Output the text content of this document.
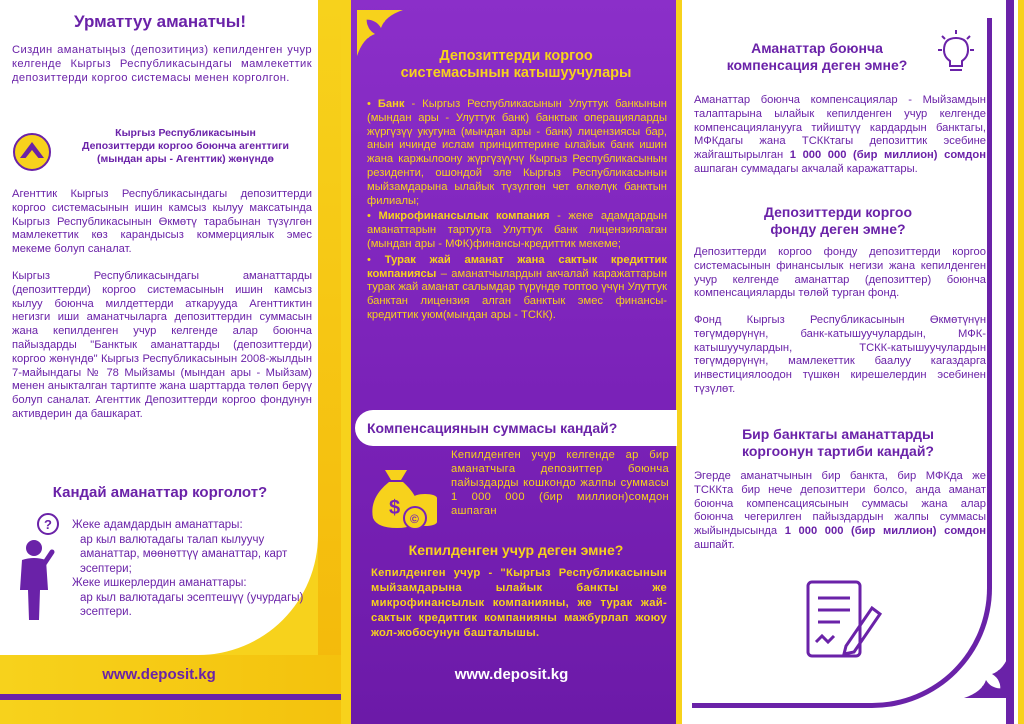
Урматтуу аманатчы!
Сиздин аманатыңыз (депозитиңиз) кепилденген учур келгенде Кыргыз Республикасындагы мамлекеттик депозиттерди коргоо системасы менен корголгон.
Кыргыз Республикасынын
Депозиттерди коргоо боюнча агенттиги
(мындан ары - Агенттик) жөнүндө
Агенттик Кыргыз Республикасындагы депозиттерди коргоо системасынын ишин камсыз кылуу максатында Кыргыз Республикасынын Өкмөтү тарабынан түзүлгөн мамлекеттик көз карандысыз коммерциялык эмес мекеме болуп саналат.
Кыргыз Республикасындагы аманаттарды (депозиттерди) коргоо системасынын ишин камсыз кылуу боюнча милдеттерди аткарууда Агенттиктин негизги иши аманатчыларга депозиттердин суммасын жана кепилденген учур келгенде алар боюнча пайыздарды "Банктык аманаттарды (депозиттерди) коргоо жөнүндө" Кыргыз Республикасынын 2008-жылдын 7-майындагы № 78 Мыйзамы (мындан ары - Мыйзам) менен аныкталган тартипте жана шарттарда төлөп берүү болуп саналат. Агенттик Депозиттерди коргоо фондунун активдерин да башкарат.
Кандай аманаттар корголот?
? Жеке адамдардын аманаттары:
ар кыл валютадагы талап кылуучу аманаттар, мөөнөттүү аманаттар, карт эсептери;
Жеке ишкерлердин аманаттары:
ар кыл валютадагы эсептешүү (учурдагы) эсептери.
www.deposit.kg
Депозиттерди коргоо
системасынын катышуучулары
• Банк - Кыргыз Республикасынын Улуттук банкынын (мындан ары - Улуттук банк) банктык операцияларды жүргүзүү укугуна (мындан ары - банк) лицензиясы бар, анын ичинде ислам принциптерине ылайык банк ишин жана каржылоону жүргүзүүчү Кыргыз Республикасынын резиденти, ошондой эле Кыргыз Республикасынын мыйзамдарына ылайык түзүлгөн чет өлкөлүк банктын филиалы;
• Микрофинансылык компания - жеке адамдардын аманаттарын тартууга Улуттук банк лицензиялаган (мындан ары - МФК)финансы-кредиттик мекеме;
• Турак жай аманат жана сактык кредиттик компаниясы – аманатчылардын акчалай каражаттарын турак жай аманат салымдар түрүндө топтоо үчүн Улуттук банктан лицензия алган банктык эмес финансы-кредиттик уюм(мындан ары - ТСКК).
Компенсациянын суммасы кандай?
$ ©
Кепилденген учур келгенде ар бир аманатчыга депозиттер боюнча пайыздарды кошкондо жалпы суммасы 1 000 000 (бир миллион)сомдон ашпаган
Кепилденген учур деген эмне?
Кепилденген учур - "Кыргыз Республикасынын мыйзамдарына ылайык банкты же микрофинансылык компанияны, же турак жай-сактык кредиттик компанияны мажбурлап жоюу жол-жобосунун башталышы.
www.deposit.kg
Аманаттар боюнча
компенсация деген эмне?
Аманаттар боюнча компенсациялар - Мыйзамдын талаптарына ылайык кепилденген учур келгенде компенсацияланууга тийиштүү кардардын банктагы, МФКдагы жана ТСККтагы депозиттик эсебине жайгаштырылган 1 000 000 (бир миллион) сомдон ашпаган суммадагы акчалай каражаттары.
Депозиттерди коргоо
фонду деген эмне?
Депозиттерди коргоо фонду депозиттерди коргоо системасынын финансылык негизи жана кепилденген учур келгенде аманаттар (депозиттер) боюнча компенсацияларды төлөй турган фонд.
Фонд Кыргыз Республикасынын Өкмөтүнүн төгүмдөрүнүн, банк-катышуучулардын, МФК-катышуучулардын, ТСКК-катышуучулардын төгүмдөрүнүн, мамлекеттик баалуу кагаздарга инвестициялоодон түшкөн кирешелердин эсебинен түзүлөт.
Бир банктагы аманаттарды
коргоонун тартиби кандай?
Эгерде аманатчынын бир банкта, бир МФКда же ТСККта бир нече депозиттери болсо, анда аманат боюнча компенсациясынын суммасы жана алар боюнча чегерилген пайыздардын жалпы суммасы жыйындысында 1 000 000 (бир миллион) сомдон ашпайт.
